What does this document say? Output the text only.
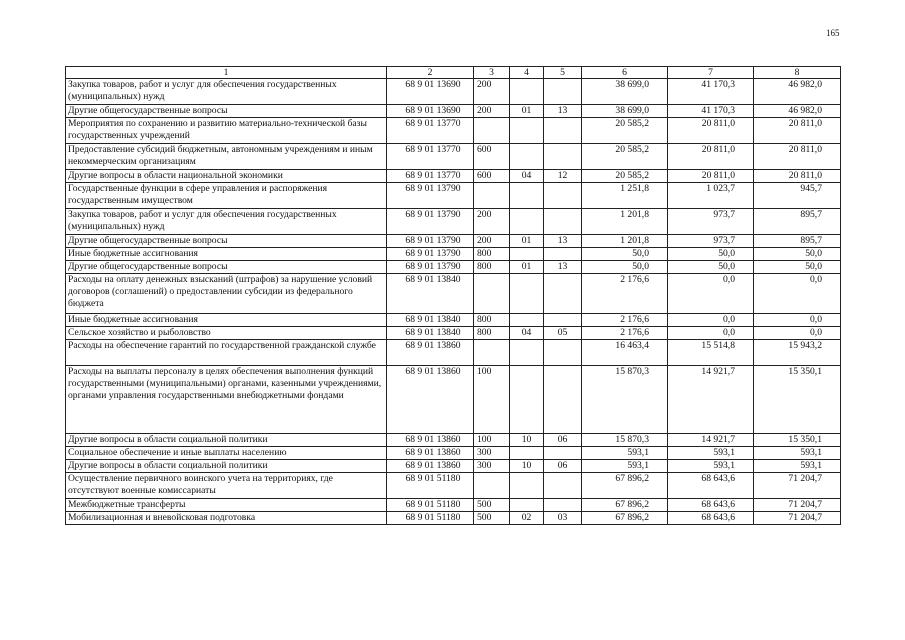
165
1	2	3	4	5	6	7	8
Закупка товаров, работ и услуг для обеспечения государственных (муниципальных) нужд	68 9 01 13690	200			38 699,0	41 170,3	46 982,0
Другие общегосударственные вопросы	68 9 01 13690	200	01	13	38 699,0	41 170,3	46 982,0
Мероприятия по сохранению и развитию материально-технической базы государственных учреждений	68 9 01 13770				20 585,2	20 811,0	20 811,0
Предоставление субсидий бюджетным, автономным учреждениям и иным некоммерческим организациям	68 9 01 13770	600			20 585,2	20 811,0	20 811,0
Другие вопросы в области национальной экономики	68 9 01 13770	600	04	12	20 585,2	20 811,0	20 811,0
Государственные функции в сфере управления и распоряжения государственным имуществом	68 9 01 13790				1 251,8	1 023,7	945,7
Закупка товаров, работ и услуг для обеспечения государственных (муниципальных) нужд	68 9 01 13790	200			1 201,8	973,7	895,7
Другие общегосударственные вопросы	68 9 01 13790	200	01	13	1 201,8	973,7	895,7
Иные бюджетные ассигнования	68 9 01 13790	800			50,0	50,0	50,0
Другие общегосударственные вопросы	68 9 01 13790	800	01	13	50,0	50,0	50,0
Расходы на оплату денежных взысканий (штрафов) за нарушение условий договоров (соглашений) о предоставлении субсидии из федерального бюджета	68 9 01 13840				2 176,6	0,0	0,0
Иные бюджетные ассигнования	68 9 01 13840	800			2 176,6	0,0	0,0
Сельское хозяйство и рыболовство	68 9 01 13840	800	04	05	2 176,6	0,0	0,0
Расходы на обеспечение гарантий по государственной гражданской службе	68 9 01 13860				16 463,4	15 514,8	15 943,2
Расходы на выплаты персоналу в целях обеспечения выполнения функций государственными (муниципальными) органами, казенными учреждениями, органами управления государственными внебюджетными фондами	68 9 01 13860	100			15 870,3	14 921,7	15 350,1
Другие вопросы в области социальной политики	68 9 01 13860	100	10	06	15 870,3	14 921,7	15 350,1
Социальное обеспечение и иные выплаты населению	68 9 01 13860	300			593,1	593,1	593,1
Другие вопросы в области социальной политики	68 9 01 13860	300	10	06	593,1	593,1	593,1
Осуществление первичного воинского учета на территориях, где отсутствуют военные комиссариаты	68 9 01 51180				67 896,2	68 643,6	71 204,7
Межбюджетные трансферты	68 9 01 51180	500			67 896,2	68 643,6	71 204,7
Мобилизационная и вневойсковая подготовка	68 9 01 51180	500	02	03	67 896,2	68 643,6	71 204,7
